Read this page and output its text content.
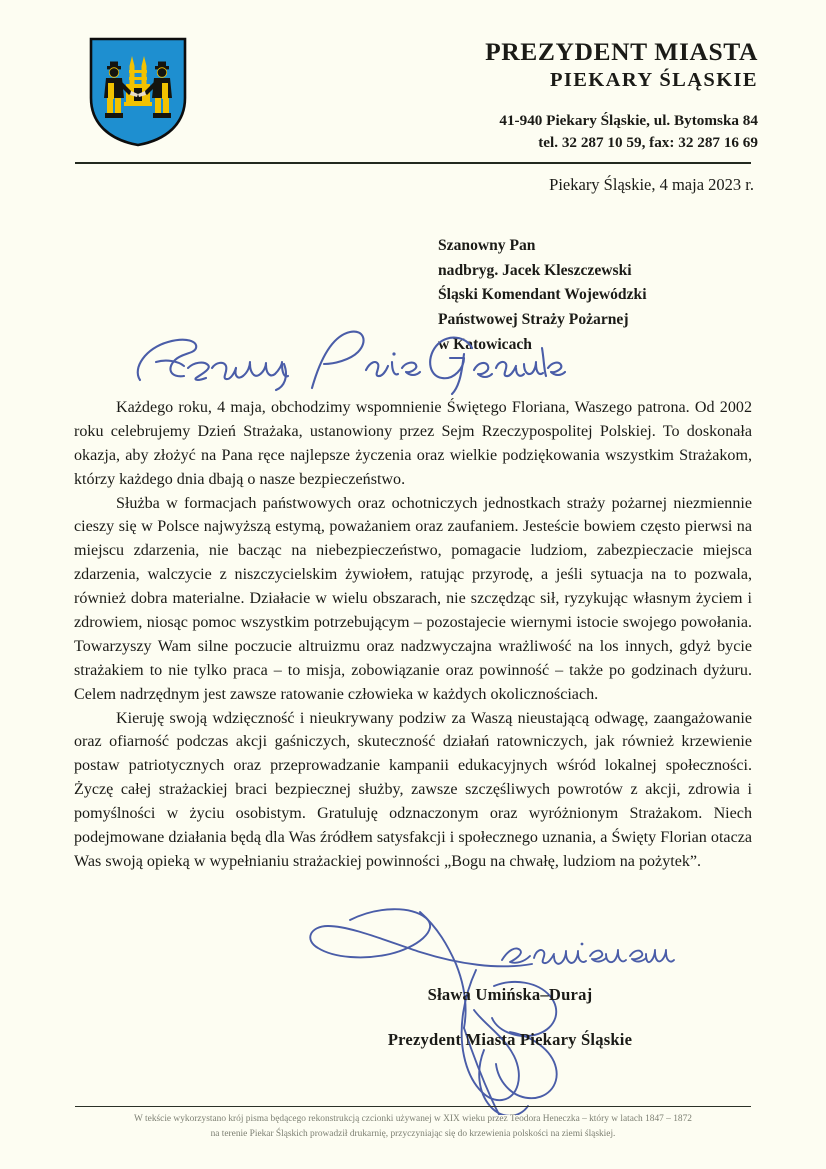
PREZYDENT MIASTA
PIEKARY ŚLĄSKIE
41-940 Piekary Śląskie, ul. Bytomska 84
tel. 32 287 10 59, fax: 32 287 16 69
Piekary Śląskie, 4 maja 2023 r.
Szanowny Pan
nadbryg. Jacek Kleszczewski
Śląski Komendant Wojewódzki
Państwowej Straży Pożarnej
w Katowicach

Każdego roku, 4 maja, obchodzimy wspomnienie Świętego Floriana, Waszego patrona. Od 2002 roku celebrujemy Dzień Strażaka, ustanowiony przez Sejm Rzeczypospolitej Polskiej. To doskonała okazja, aby złożyć na Pana ręce najlepsze życzenia oraz wielkie podziękowania wszystkim Strażakom, którzy każdego dnia dbają o nasze bezpieczeństwo.

Służba w formacjach państwowych oraz ochotniczych jednostkach straży pożarnej niezmiennie cieszy się w Polsce najwyższą estymą, poważaniem oraz zaufaniem. Jesteście bowiem często pierwsi na miejscu zdarzenia, nie bacząc na niebezpieczeństwo, pomagacie ludziom, zabezpieczacie miejsca zdarzenia, walczycie z niszczycielskim żywiołem, ratując przyrodę, a jeśli sytuacja na to pozwala, również dobra materialne. Działacie w wielu obszarach, nie szczędząc sił, ryzykując własnym życiem i zdrowiem, niosąc pomoc wszystkim potrzebującym – pozostajecie wiernymi istocie swojego powołania. Towarzyszy Wam silne poczucie altruizmu oraz nadzwyczajna wrażliwość na los innych, gdyż bycie strażakiem to nie tylko praca – to misja, zobowiązanie oraz powinność – także po godzinach dyżuru. Celem nadrzędnym jest zawsze ratowanie człowieka w każdych okolicznościach.

Kieruję swoją wdzięczność i nieukrywany podziw za Waszą nieustającą odwagę, zaangażowanie oraz ofiarność podczas akcji gaśniczych, skuteczność działań ratowniczych, jak również krzewienie postaw patriotycznych oraz przeprowadzanie kampanii edukacyjnych wśród lokalnej społeczności. Życzę całej strażackiej braci bezpiecznej służby, zawsze szczęśliwych powrotów z akcji, zdrowia i pomyślności w życiu osobistym. Gratuluję odznaczonym oraz wyróżnionym Strażakom. Niech podejmowane działania będą dla Was źródłem satysfakcji i społecznego uznania, a Święty Florian otacza Was swoją opieką w wypełnianiu strażackiej powinności „Bogu na chwałę, ludziom na pożytek”.

Sława Umińska–Duraj
Prezydent Miasta Piekary Śląskie
W tekście wykorzystano krój pisma będącego rekonstrukcją czcionki używanej w XIX wieku przez Teodora Heneczka – który w latach 1847 – 1872
na terenie Piekar Śląskich prowadził drukarnię, przyczyniając się do krzewienia polskości na ziemi śląskiej.
